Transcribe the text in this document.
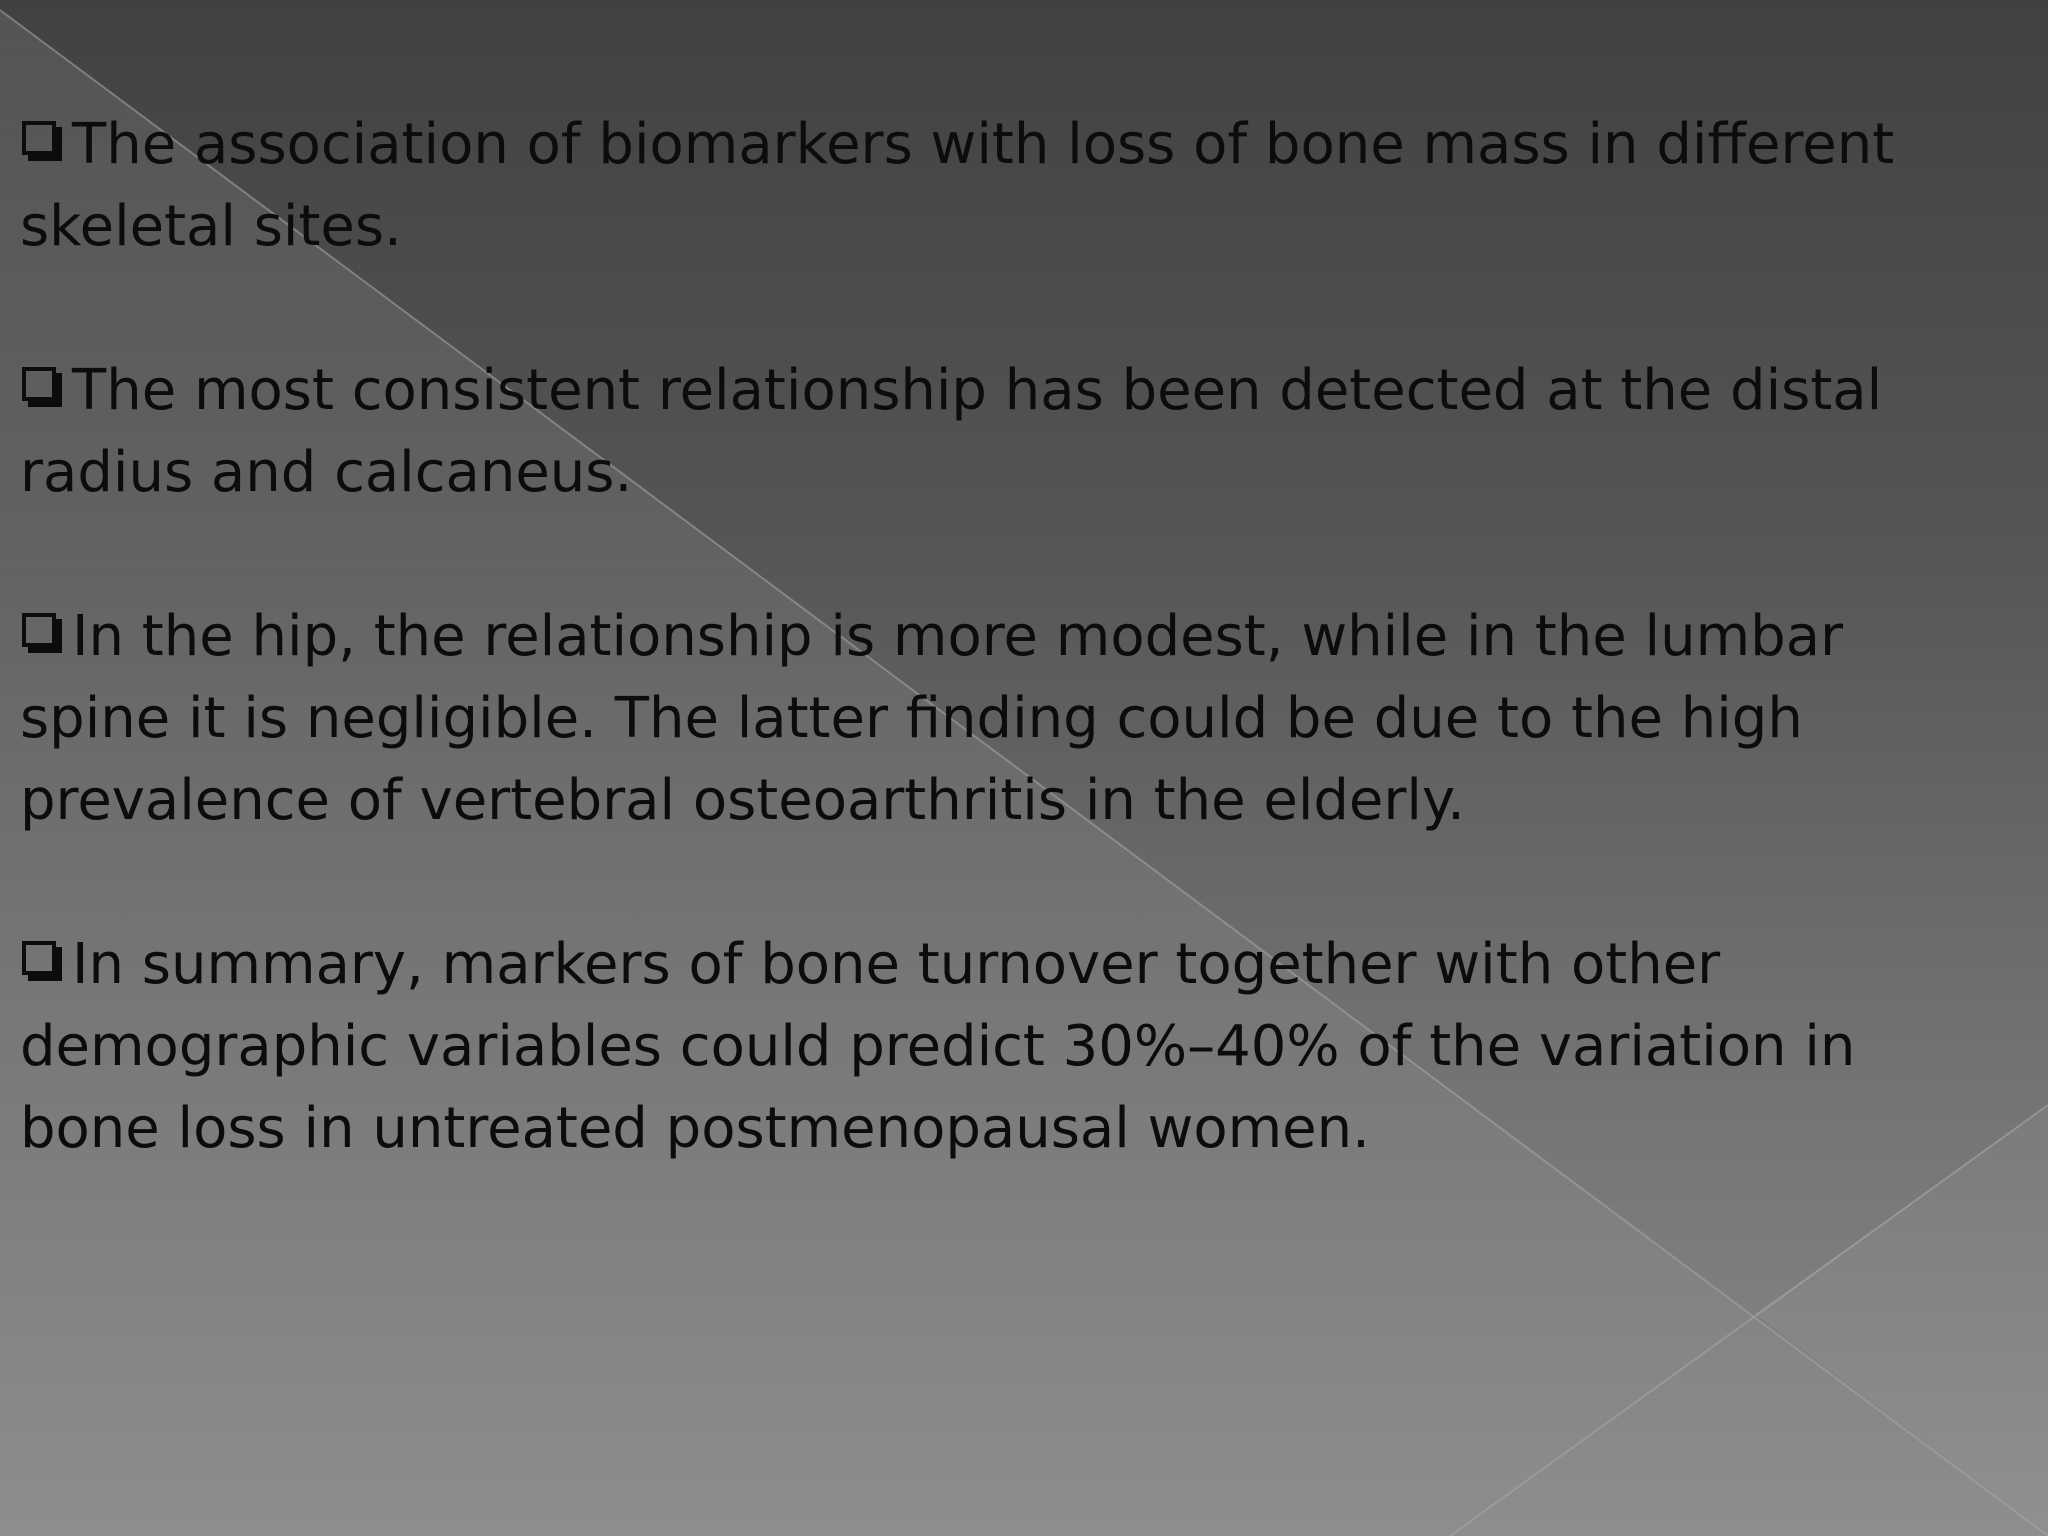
The association of biomarkers with loss of bone mass in different skeletal sites.

The most consistent relationship has been detected at the distal radius and calcaneus.

In the hip, the relationship is more modest, while in the lumbar spine it is negligible. The latter finding could be due to the high prevalence of vertebral osteoarthritis in the elderly.

In summary, markers of bone turnover together with other demographic variables could predict 30%–40% of the variation in bone loss in untreated postmenopausal women.
